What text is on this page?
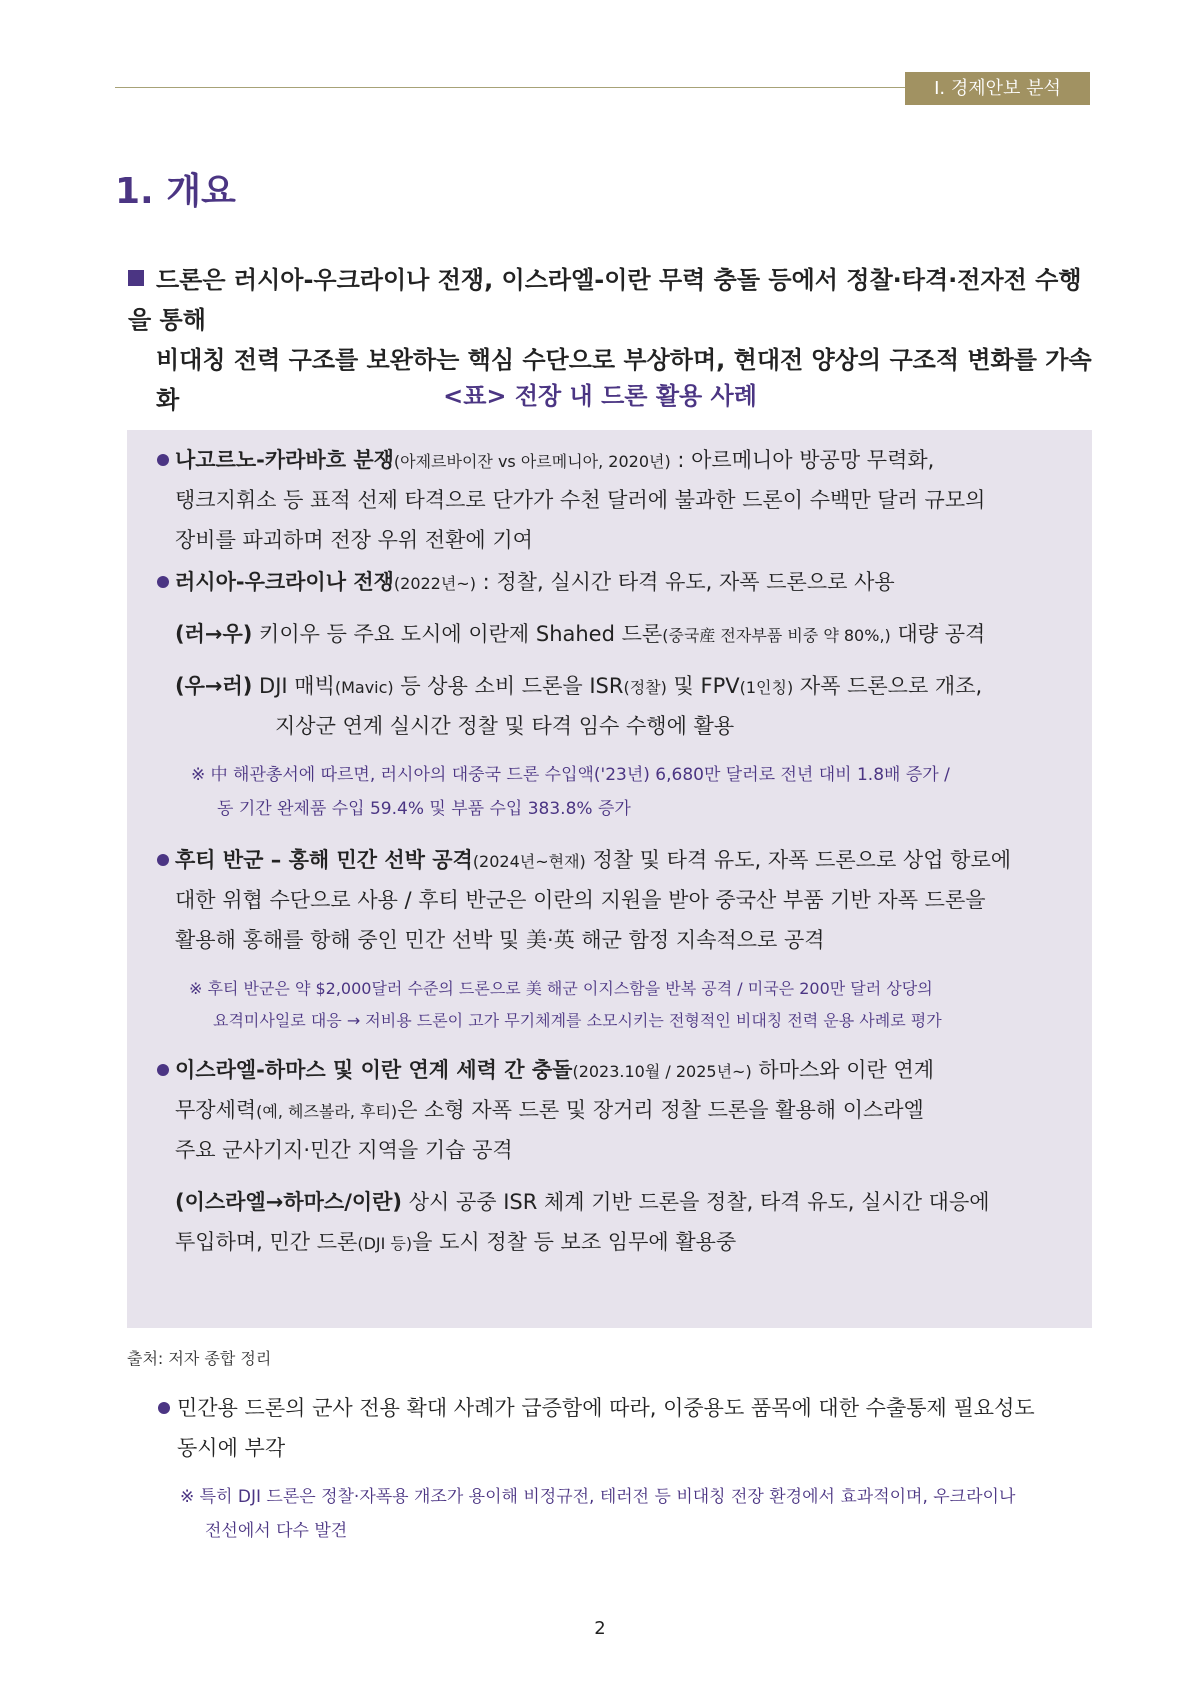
Ⅰ. 경제안보 분석
1. 개요
드론은 러시아-우크라이나 전쟁, 이스라엘-이란 무력 충돌 등에서 정찰·타격·전자전 수행을 통해
비대칭 전력 구조를 보완하는 핵심 수단으로 부상하며, 현대전 양상의 구조적 변화를 가속화	<표> 전장 내 드론 활용 사례
나고르노-카라바흐 분쟁(아제르바이잔 vs 아르메니아, 2020년) : 아르메니아 방공망 무력화,
탱크지휘소 등 표적 선제 타격으로 단가가 수천 달러에 불과한 드론이 수백만 달러 규모의
장비를 파괴하며 전장 우위 전환에 기여
러시아-우크라이나 전쟁(2022년~) : 정찰, 실시간 타격 유도, 자폭 드론으로 사용
(러→우) 키이우 등 주요 도시에 이란제 Shahed 드론(중국産 전자부품 비중 약 80%,) 대량 공격
(우→러) DJI 매빅(Mavic) 등 상용 소비 드론을 ISR(정찰) 및 FPV(1인칭) 자폭 드론으로 개조,
지상군 연계 실시간 정찰 및 타격 임수 수행에 활용
※ 中 해관총서에 따르면, 러시아의 대중국 드론 수입액('23년) 6,680만 달러로 전년 대비 1.8배 증가 /
동 기간 완제품 수입 59.4% 및 부품 수입 383.8% 증가
후티 반군 – 홍해 민간 선박 공격(2024년~현재) 정찰 및 타격 유도, 자폭 드론으로 상업 항로에
대한 위협 수단으로 사용 / 후티 반군은 이란의 지원을 받아 중국산 부품 기반 자폭 드론을
활용해 홍해를 항해 중인 민간 선박 및 美·英 해군 함정 지속적으로 공격
※ 후티 반군은 약 $2,000달러 수준의 드론으로 美 해군 이지스함을 반복 공격 / 미국은 200만 달러 상당의
요격미사일로 대응 → 저비용 드론이 고가 무기체계를 소모시키는 전형적인 비대칭 전력 운용 사례로 평가
이스라엘-하마스 및 이란 연계 세력 간 충돌(2023.10월 / 2025년~) 하마스와 이란 연계
무장세력(예, 헤즈볼라, 후티)은 소형 자폭 드론 및 장거리 정찰 드론을 활용해 이스라엘
주요 군사기지·민간 지역을 기습 공격
(이스라엘→하마스/이란) 상시 공중 ISR 체계 기반 드론을 정찰, 타격 유도, 실시간 대응에
투입하며, 민간 드론(DJI 등)을 도시 정찰 등 보조 임무에 활용중
출처: 저자 종합 정리
민간용 드론의 군사 전용 확대 사례가 급증함에 따라, 이중용도 품목에 대한 수출통제 필요성도
동시에 부각
※ 특히 DJI 드론은 정찰·자폭용 개조가 용이해 비정규전, 테러전 등 비대칭 전장 환경에서 효과적이며, 우크라이나
전선에서 다수 발견
2
